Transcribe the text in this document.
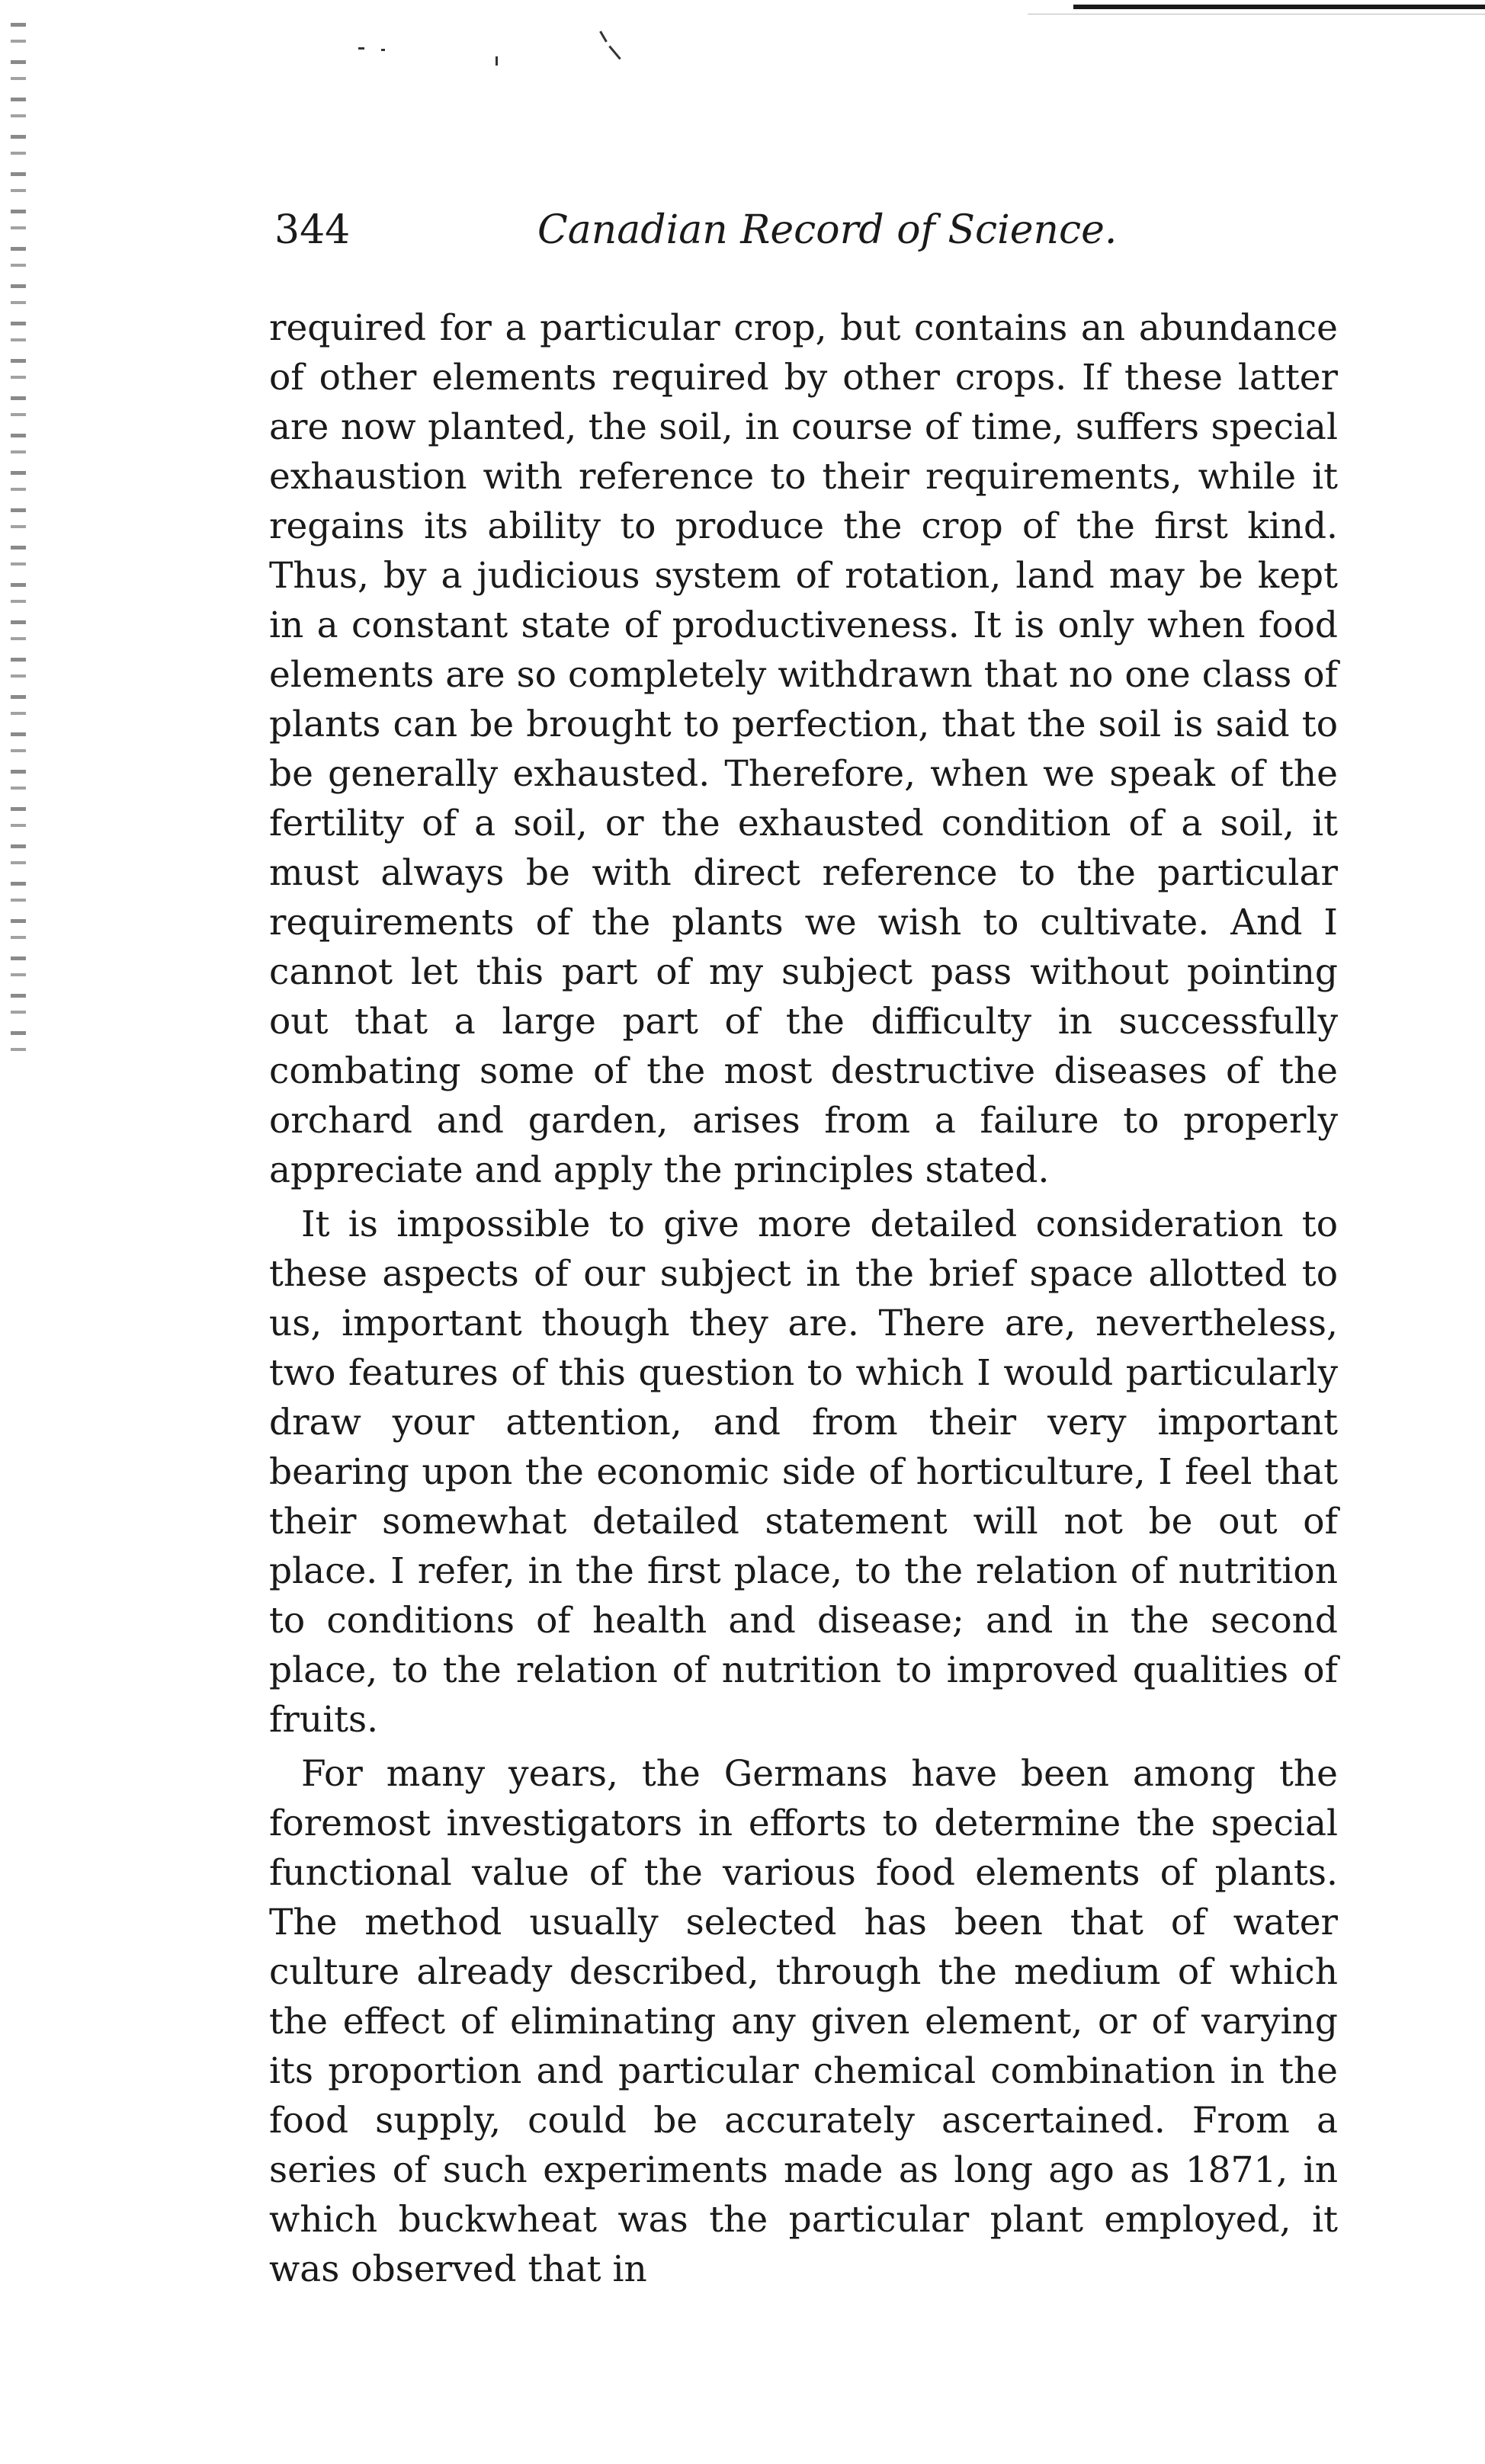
344	Canadian Record of Science.

required for a particular crop, but contains an abundance of other elements required by other crops. If these latter are now planted, the soil, in course of time, suffers special exhaustion with reference to their requirements, while it regains its ability to produce the crop of the first kind. Thus, by a judicious system of rotation, land may be kept in a constant state of productiveness. It is only when food elements are so completely withdrawn that no one class of plants can be brought to perfection, that the soil is said to be generally exhausted. Therefore, when we speak of the fertility of a soil, or the exhausted condition of a soil, it must always be with direct reference to the particular requirements of the plants we wish to cultivate. And I cannot let this part of my subject pass without pointing out that a large part of the difficulty in successfully combating some of the most destructive diseases of the orchard and garden, arises from a failure to properly appreciate and apply the principles stated.

It is impossible to give more detailed consideration to these aspects of our subject in the brief space allotted to us, important though they are. There are, nevertheless, two features of this question to which I would particularly draw your attention, and from their very important bearing upon the economic side of horticulture, I feel that their somewhat detailed statement will not be out of place. I refer, in the first place, to the relation of nutrition to conditions of health and disease; and in the second place, to the relation of nutrition to improved qualities of fruits.

For many years, the Germans have been among the foremost investigators in efforts to determine the special functional value of the various food elements of plants. The method usually selected has been that of water culture already described, through the medium of which the effect of eliminating any given element, or of varying its proportion and particular chemical combination in the food supply, could be accurately ascertained. From a series of such experiments made as long ago as 1871, in which buckwheat was the particular plant employed, it was observed that in
